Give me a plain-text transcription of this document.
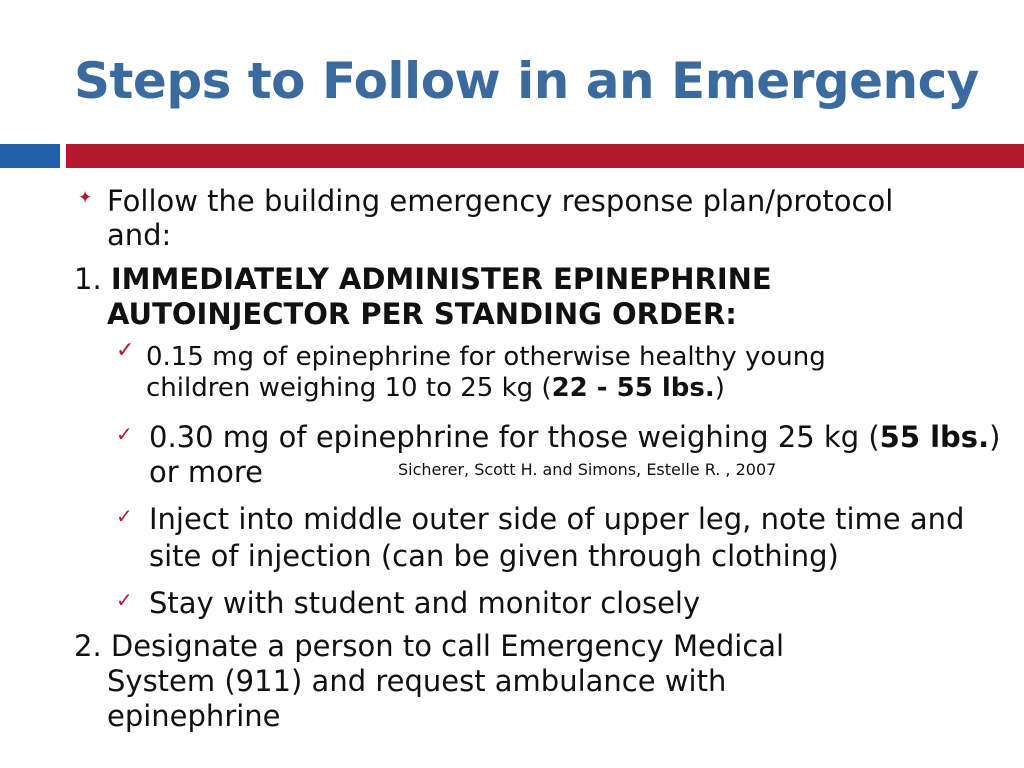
Steps to Follow in an Emergency
✦ Follow the building emergency response plan/protocol
and:
1. IMMEDIATELY ADMINISTER EPINEPHRINE
AUTOINJECTOR PER STANDING ORDER:
✓ 0.15 mg of epinephrine for otherwise healthy young
children weighing 10 to 25 kg (22 - 55 lbs.)
✓ 0.30 mg of epinephrine for those weighing 25 kg (55 lbs.)
or more	Sicherer, Scott H. and Simons, Estelle R. , 2007
✓ Inject into middle outer side of upper leg, note time and
site of injection (can be given through clothing)
✓ Stay with student and monitor closely
2. Designate a person to call Emergency Medical
System (911) and request ambulance with
epinephrine
